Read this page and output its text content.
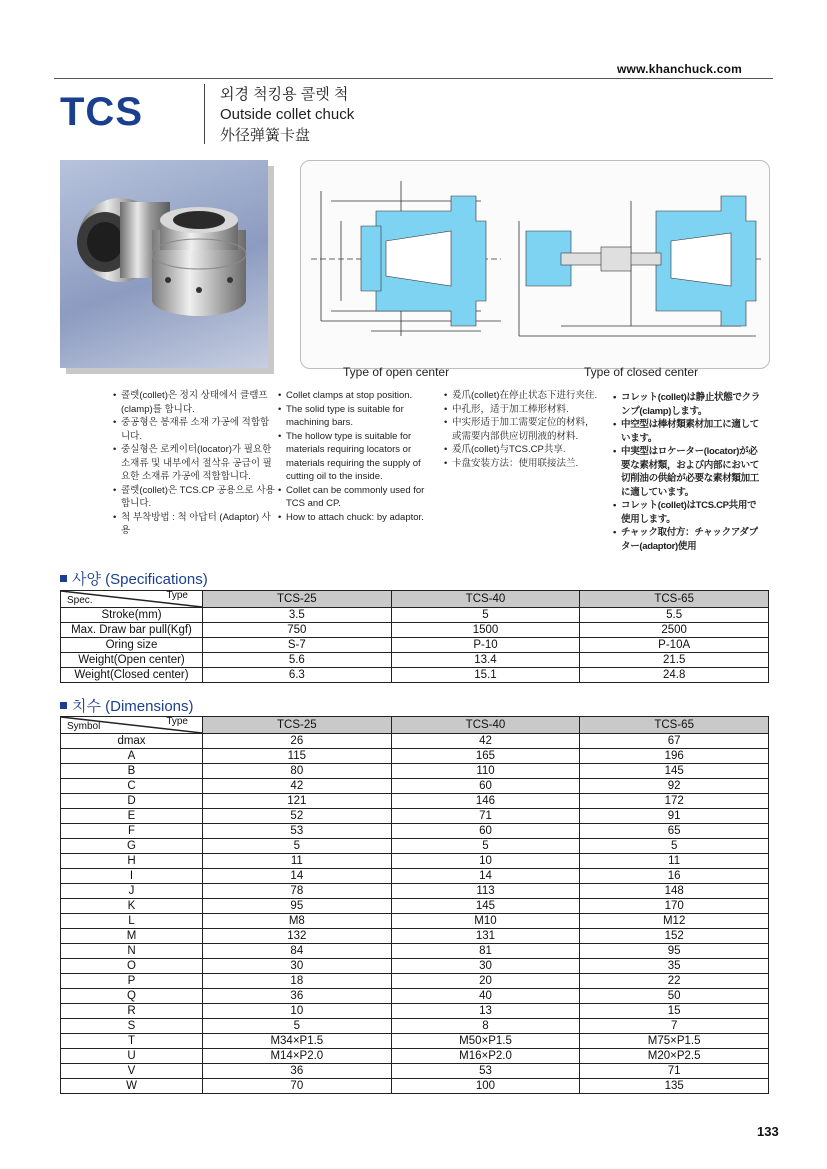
www.khanchuck.com
TCS	외경 척킹용 콜렛 척
Outside collet chuck
外径弹簧卡盘
Type of open center	Type of closed center
• 콜렛(collet)은 정지 상태에서 클램프(clamp)를 합니다.
• 중공형은 봉재류 소재 가공에 적합합니다.
• 중실형은 로케이터(locator)가 필요한 소재류 및 내부에서 절삭유 공급이 필요한 소재류 가공에 적합합니다.
• 콜렛(collet)은 TCS.CP 공용으로 사용합니다.
• 척 부착방법 : 척 아답터 (Adaptor) 사용
• Collet clamps at stop position.
• The solid type is suitable for machining bars.
• The hollow type is suitable for materials requiring locators or materials requiring the supply of cutting oil to the inside.
• Collet can be commonly used for TCS and CP.
• How to attach chuck: by adaptor.
• 爰爪(collet)在停止状态下进行夹住.
• 中孔形，适于加工棒形材料.
• 中实形适于加工需要定位的材料，或需要内部供应切削液的材料.
• 爰爪(collet)与TCS.CP共享.
• 卡盘安装方法：使用联接法兰.
• コレット(collet)は静止状態でクランプ(clamp)します。
• 中空型は棒材類素材加工に適しています。
• 中実型はロケーター(locator)が必要な素材類，および内部において切削油の供給が必要な素材類加工に適しています。
• コレット(collet)はTCS.CP共用で使用します。
• チャック取付方：チャックアダプター(adaptor)使用
사양 (Specifications)
Type
Spec.	TCS-25	TCS-40	TCS-65
Stroke(mm)	3.5	5	5.5
Max. Draw bar pull(Kgf)	750	1500	2500
Oring size	S-7	P-10	P-10A
Weight(Open center)	5.6	13.4	21.5
Weight(Closed center)	6.3	15.1	24.8
치수 (Dimensions)
Type
Symbol	TCS-25	TCS-40	TCS-65
dmax	26	42	67
A	115	165	196
B	80	110	145
C	42	60	92
D	121	146	172
E	52	71	91
F	53	60	65
G	5	5	5
H	11	10	11
I	14	14	16
J	78	113	148
K	95	145	170
L	M8	M10	M12
M	132	131	152
N	84	81	95
O	30	30	35
P	18	20	22
Q	36	40	50
R	10	13	15
S	5	8	7
T	M34×P1.5	M50×P1.5	M75×P1.5
U	M14×P2.0	M16×P2.0	M20×P2.5
V	36	53	71
W	70	100	135
133
